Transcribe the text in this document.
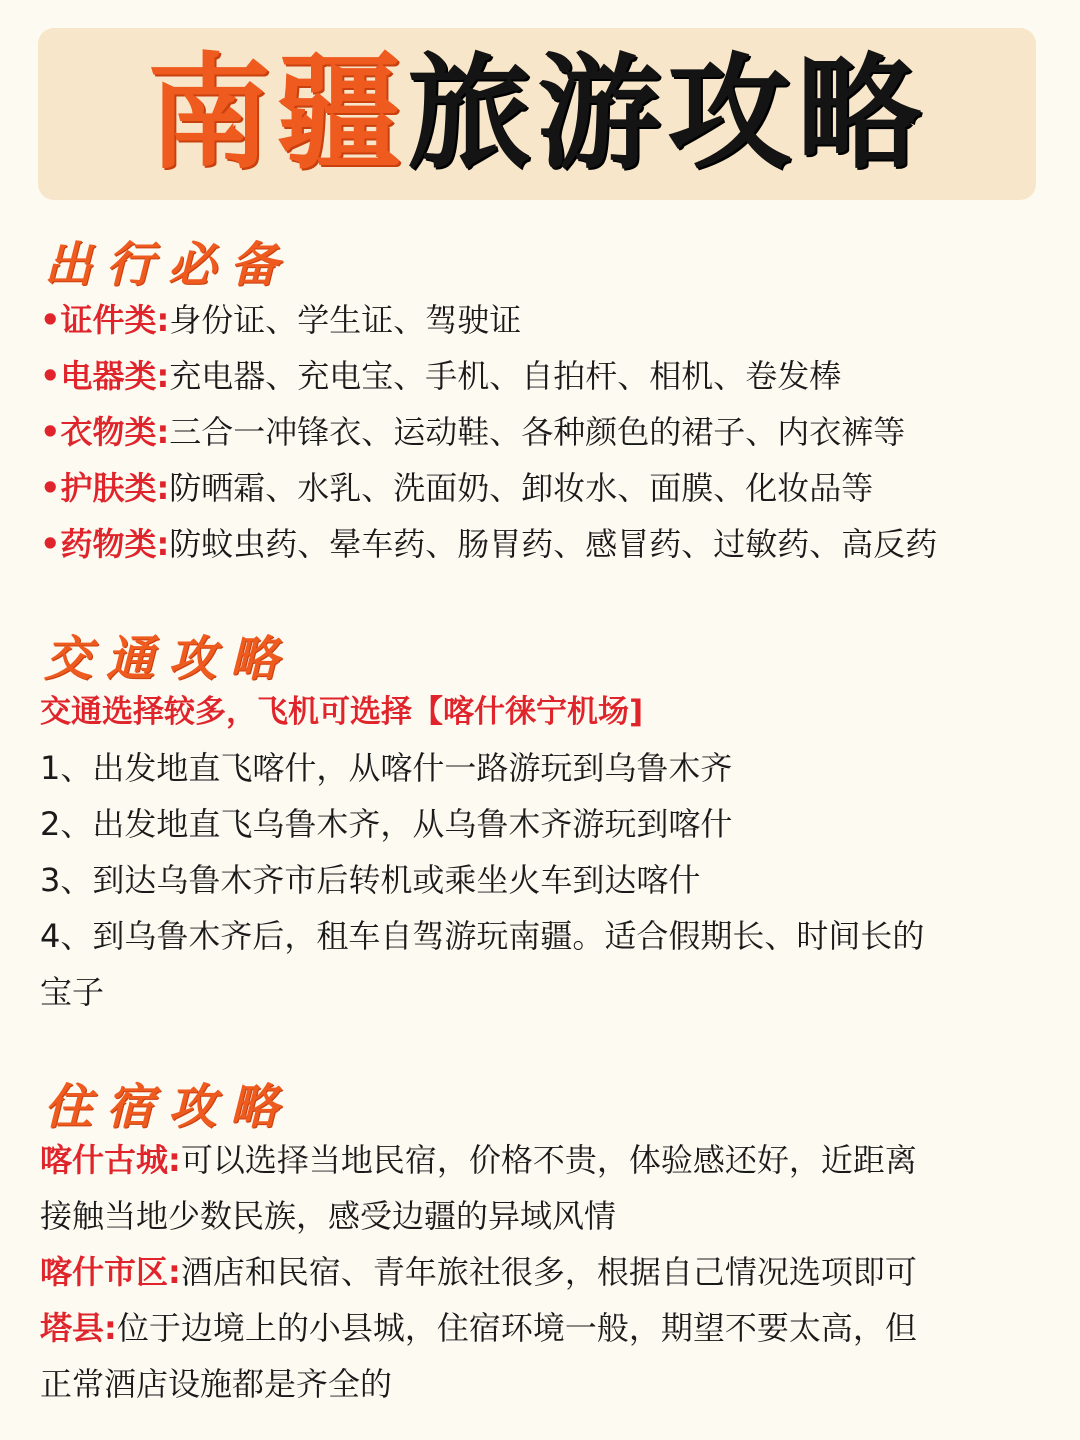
南疆旅游攻略
出行必备

•证件类:身份证、学生证、驾驶证

•电器类:充电器、充电宝、手机、自拍杆、相机、卷发棒

•衣物类:三合一冲锋衣、运动鞋、各种颜色的裙子、内衣裤等

•护肤类:防晒霜、水乳、洗面奶、卸妆水、面膜、化妆品等

•药物类:防蚊虫药、晕车药、肠胃药、感冒药、过敏药、高反药

交通攻略

交通选择较多，飞机可选择【喀什徕宁机场]

1、出发地直飞喀什，从喀什一路游玩到乌鲁木齐

2、出发地直飞乌鲁木齐，从乌鲁木齐游玩到喀什

3、到达乌鲁木齐市后转机或乘坐火车到达喀什

4、到乌鲁木齐后，租车自驾游玩南疆。适合假期长、时间长的

宝子

住宿攻略

喀什古城:可以选择当地民宿，价格不贵，体验感还好，近距离

接触当地少数民族，感受边疆的异域风情

喀什市区:酒店和民宿、青年旅社很多，根据自己情况选项即可

塔县:位于边境上的小县城，住宿环境一般，期望不要太高，但

正常酒店设施都是齐全的
